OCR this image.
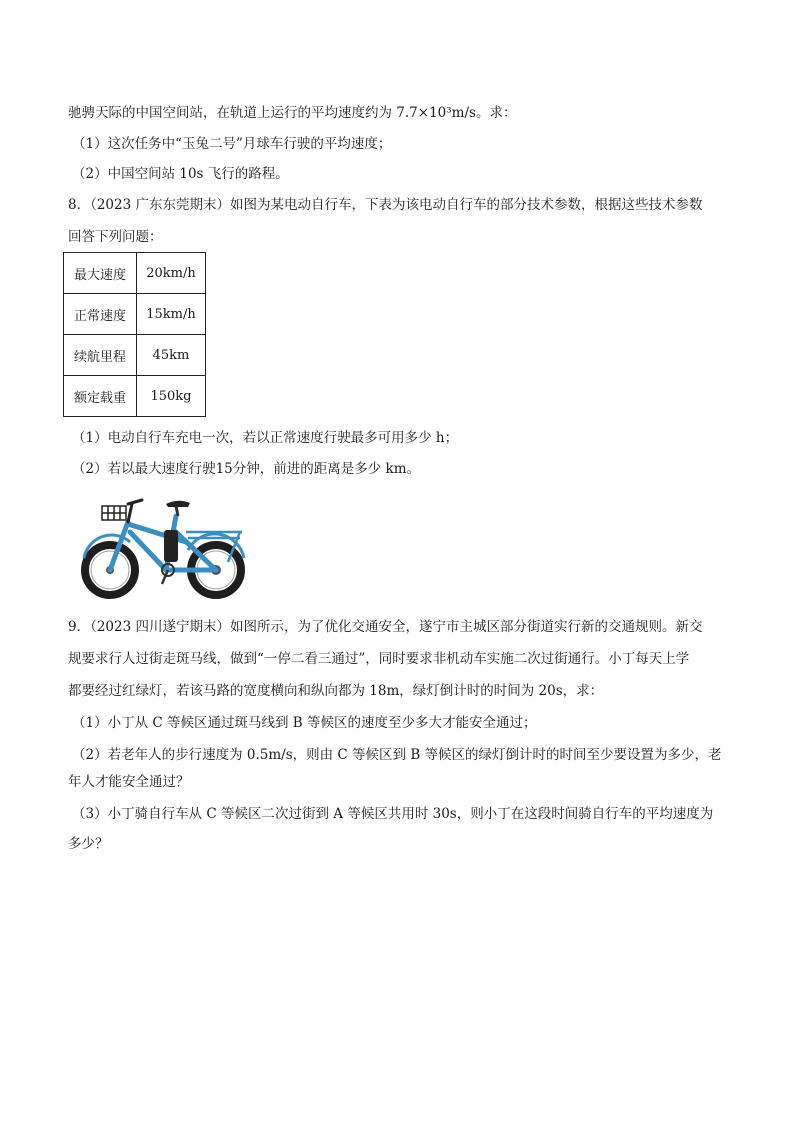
驰骋天际的中国空间站，在轨道上运行的平均速度约为 7.7×10³m/s。求：
（1）这次任务中“玉兔二号”月球车行驶的平均速度；
（2）中国空间站 10s 飞行的路程。
8．（2023 广东东莞期末）如图为某电动自行车，下表为该电动自行车的部分技术参数，根据这些技术参数
回答下列问题：
最大速度	20km/h
正常速度	15km/h
续航里程	45km
额定载重	150kg
（1）电动自行车充电一次，若以正常速度行驶最多可用多少 h；
（2）若以最大速度行驶15分钟，前进的距离是多少 km。
9．（2023 四川遂宁期末）如图所示，为了优化交通安全，遂宁市主城区部分街道实行新的交通规则。新交
规要求行人过街走斑马线，做到“一停二看三通过”，同时要求非机动车实施二次过街通行。小丁每天上学
都要经过红绿灯，若该马路的宽度横向和纵向都为 18m，绿灯倒计时的时间为 20s，求：
（1）小丁从 C 等候区通过斑马线到 B 等候区的速度至少多大才能安全通过；
（2）若老年人的步行速度为 0.5m/s，则由 C 等候区到 B 等候区的绿灯倒计时的时间至少要设置为多少，老
年人才能安全通过？
（3）小丁骑自行车从 C 等候区二次过街到 A 等候区共用时 30s，则小丁在这段时间骑自行车的平均速度为
多少？
